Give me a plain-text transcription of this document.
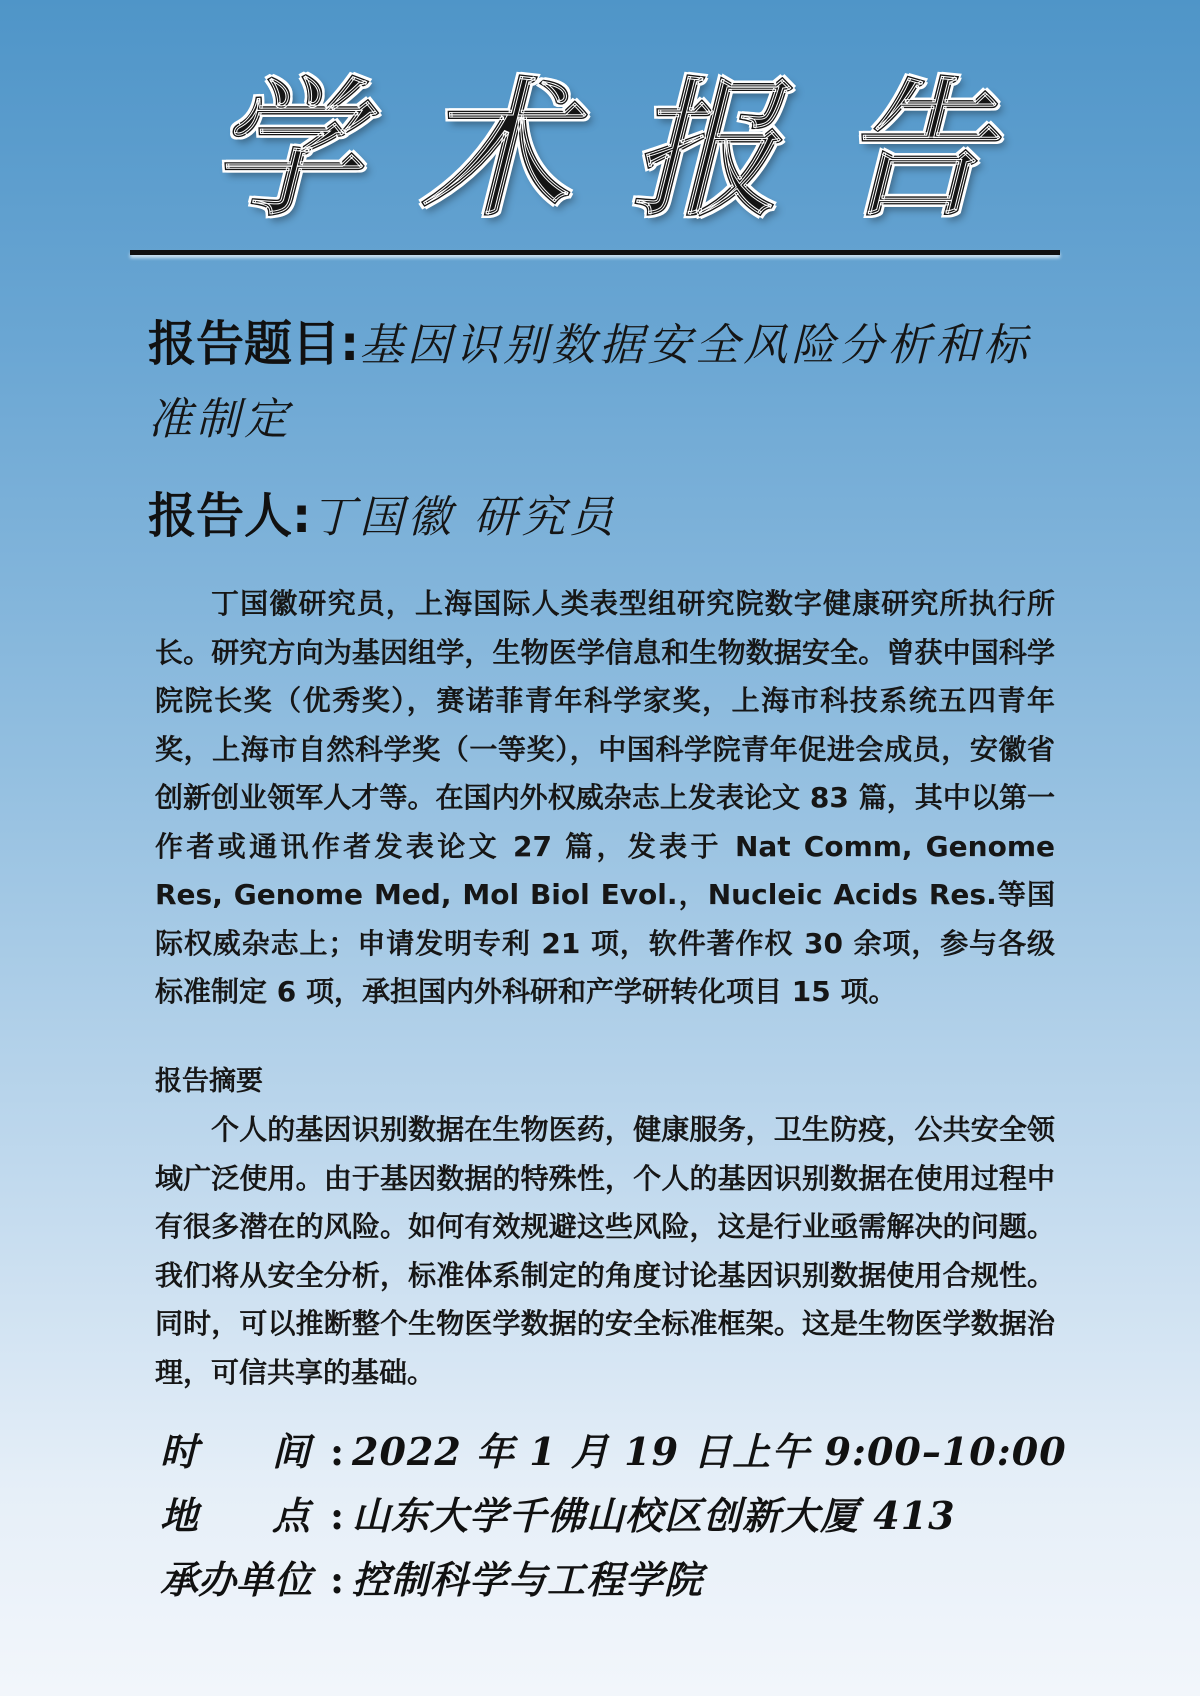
学术报告
报告题目:基因识别数据安全风险分析和标准制定
报告人:丁国徽 研究员

丁国徽研究员，上海国际人类表型组研究院数字健康研究所执行所长。研究方向为基因组学，生物医学信息和生物数据安全。曾获中国科学院院长奖（优秀奖），赛诺菲青年科学家奖，上海市科技系统五四青年奖，上海市自然科学奖（一等奖），中国科学院青年促进会成员，安徽省创新创业领军人才等。在国内外权威杂志上发表论文 83 篇，其中以第一作者或通讯作者发表论文 27 篇，发表于 Nat Comm, Genome Res, Genome Med, Mol Biol Evol.，Nucleic Acids Res.等国际权威杂志上；申请发明专利 21 项，软件著作权 30 余项，参与各级标准制定 6 项，承担国内外科研和产学研转化项目 15 项。

报告摘要

个人的基因识别数据在生物医药，健康服务，卫生防疫，公共安全领域广泛使用。由于基因数据的特殊性，个人的基因识别数据在使用过程中有很多潜在的风险。如何有效规避这些风险，这是行业亟需解决的问题。我们将从安全分析，标准体系制定的角度讨论基因识别数据使用合规性。同时，可以推断整个生物医学数据的安全标准框架。这是生物医学数据治理，可信共享的基础。

时间 : 2022 年 1 月 19 日上午 9:00–10:00
地点 : 山东大学千佛山校区创新大厦 413
承办单位 : 控制科学与工程学院
